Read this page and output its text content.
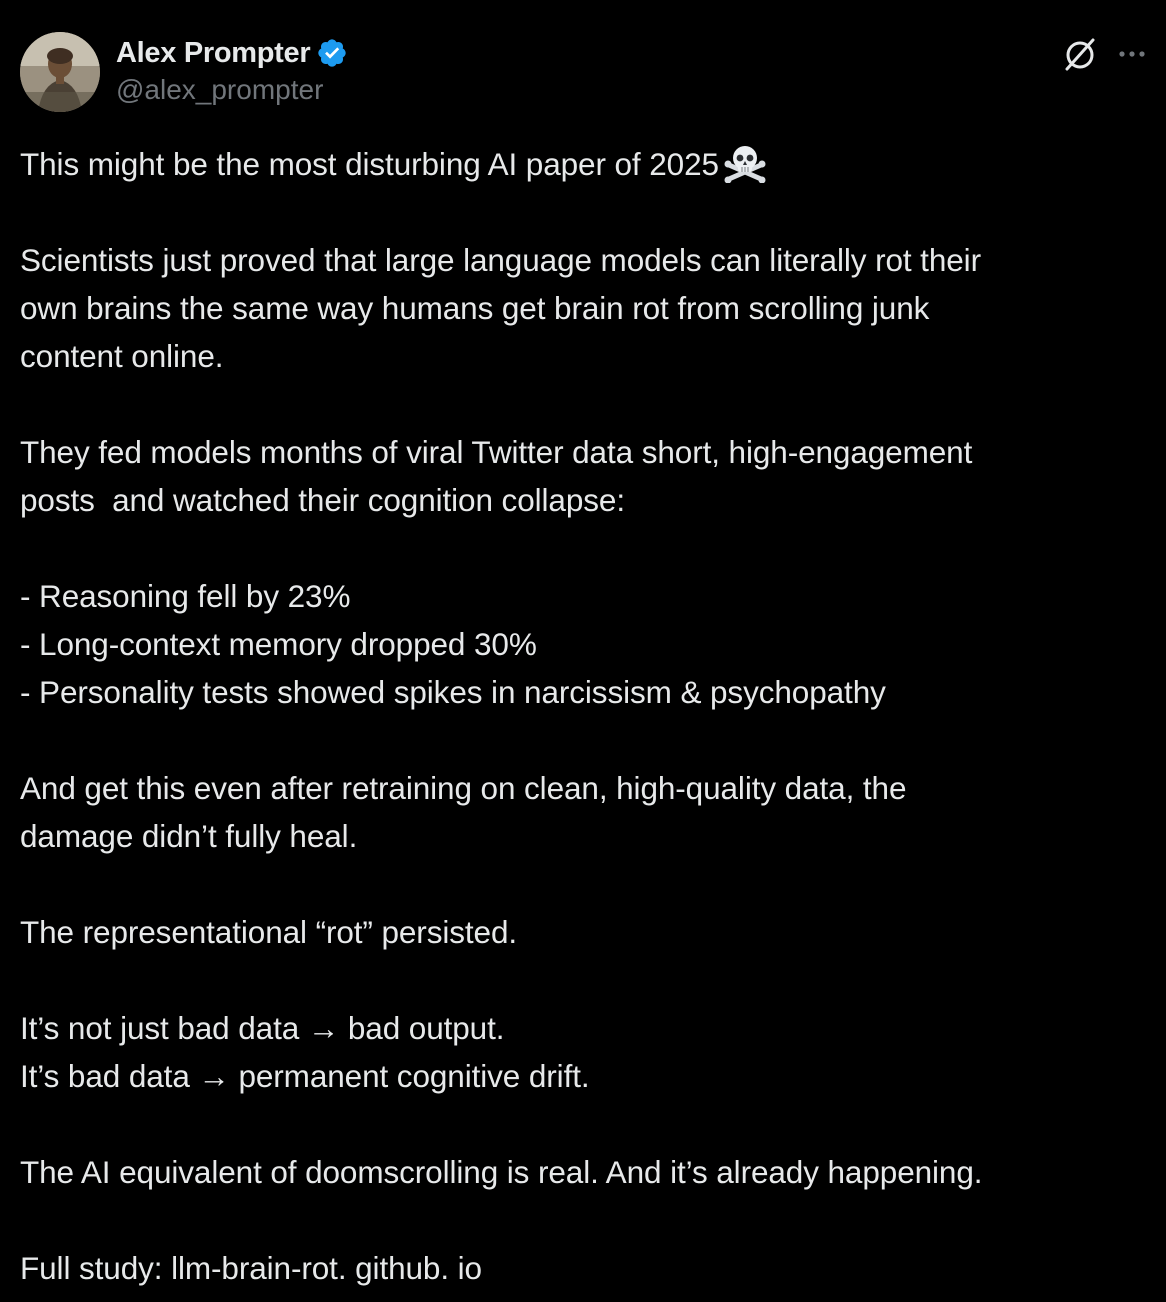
Alex Prompter
@alex_prompter

This might be the most disturbing AI paper of 2025

Scientists just proved that large language models can literally rot their
own brains the same way humans get brain rot from scrolling junk
content online.

They fed models months of viral Twitter data short, high-engagement
posts  and watched their cognition collapse:

- Reasoning fell by 23%
- Long-context memory dropped 30%
- Personality tests showed spikes in narcissism & psychopathy

And get this even after retraining on clean, high-quality data, the
damage didn’t fully heal.

The representational “rot” persisted.

It’s not just bad data → bad output.
It’s bad data → permanent cognitive drift.

The AI equivalent of doomscrolling is real. And it’s already happening.

Full study: llm-brain-rot. github. io
